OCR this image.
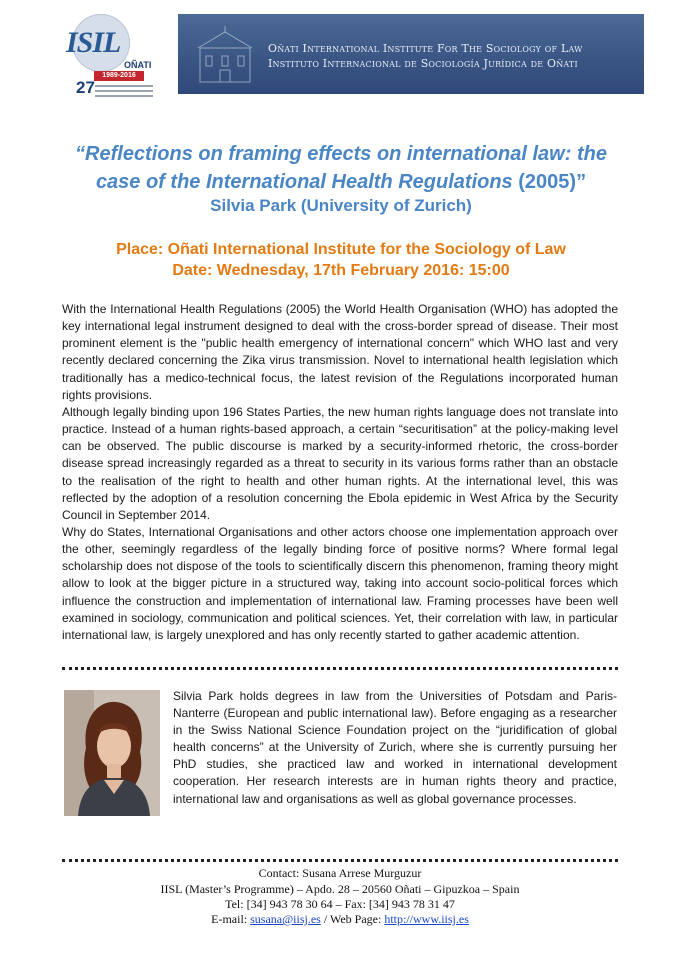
ISIL
OÑATI
1989-2016
27
Oñati International Institute For The Sociology of Law
Instituto Internacional de Sociología Jurídica de Oñati
“Reflections on framing effects on international law: the
case of the International Health Regulations (2005)”
Silvia Park (University of Zurich)
Place: Oñati International Institute for the Sociology of Law
Date: Wednesday, 17th February 2016: 15:00
With the International Health Regulations (2005) the World Health Organisation (WHO) has adopted the key international legal instrument designed to deal with the cross-border spread of disease. Their most prominent element is the "public health emergency of international concern" which WHO last and very recently declared concerning the Zika virus transmission. Novel to international health legislation which traditionally has a medico-technical focus, the latest revision of the Regulations incorporated human rights provisions.
Although legally binding upon 196 States Parties, the new human rights language does not translate into practice. Instead of a human rights-based approach, a certain “securitisation” at the policy-making level can be observed. The public discourse is marked by a security-informed rhetoric, the cross-border disease spread increasingly regarded as a threat to security in its various forms rather than an obstacle to the realisation of the right to health and other human rights. At the international level, this was reflected by the adoption of a resolution concerning the Ebola epidemic in West Africa by the Security Council in September 2014.
Why do States, International Organisations and other actors choose one implementation approach over the other, seemingly regardless of the legally binding force of positive norms? Where formal legal scholarship does not dispose of the tools to scientifically discern this phenomenon, framing theory might allow to look at the bigger picture in a structured way, taking into account socio-political forces which influence the construction and implementation of international law. Framing processes have been well examined in sociology, communication and political sciences. Yet, their correlation with law, in particular international law, is largely unexplored and has only recently started to gather academic attention.
Silvia Park holds degrees in law from the Universities of Potsdam and Paris-Nanterre (European and public international law). Before engaging as a researcher in the Swiss National Science Foundation project on the “juridification of global health concerns” at the University of Zurich, where she is currently pursuing her PhD studies, she practiced law and worked in international development cooperation. Her research interests are in human rights theory and practice, international law and organisations as well as global governance processes.
Contact: Susana Arrese Murguzur
IISL (Master’s Programme) – Apdo. 28 – 20560 Oñati – Gipuzkoa – Spain
Tel: [34] 943 78 30 64 – Fax: [34] 943 78 31 47
E-mail: susana@iisj.es / Web Page: http://www.iisj.es
